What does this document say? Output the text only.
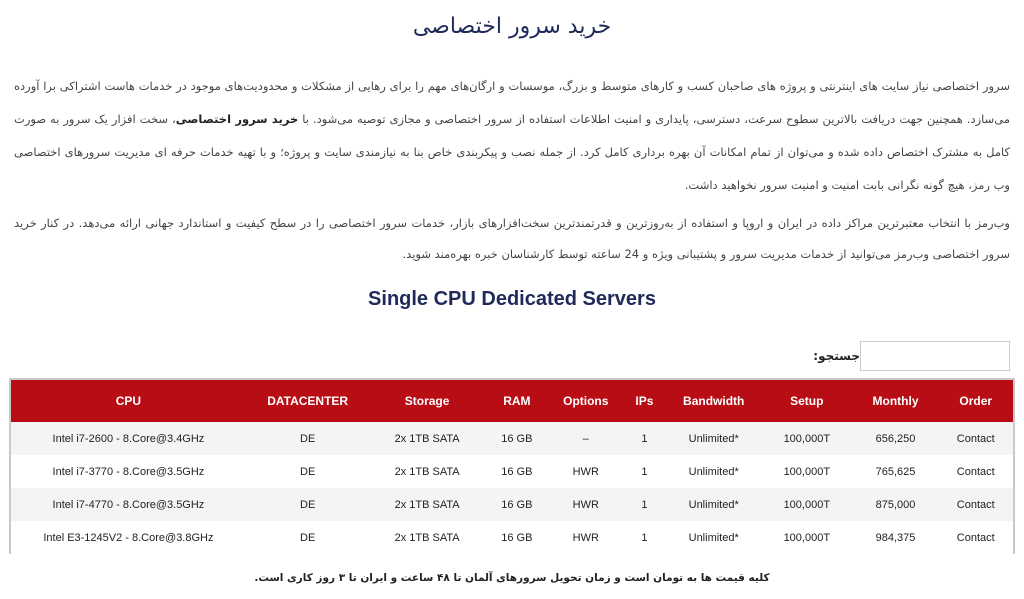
خرید سرور اختصاصی

سرور اختصاصی نیاز سایت های اینترنتی و پروژه های صاحبان کسب و کارهای متوسط و بزرگ، موسسات و ارگان‌های مهم را برای رهایی از مشکلات و محدودیت‌های موجود در خدمات هاست اشتراکی برا آورده می‌سازد. همچنین جهت دریافت بالاترین سطوح سرعت، دسترسی، پایداری و امنیت اطلاعات استفاده از سرور اختصاصی و مجازی توصیه می‌شود. با خرید سرور اختصاصی، سخت افزار یک سرور به صورت کامل به مشترک اختصاص داده شده و می‌توان از تمام امکانات آن بهره برداری کامل کرد. از جمله نصب و پیکربندی خاص بنا به نیازمندی سایت و پروژه؛ و با تهیه خدمات حرفه ای مدیریت سرورهای اختصاصی وب رمز، هیچ گونه نگرانی بابت امنیت و امنیت سرور نخواهید داشت.

وب‌رمز با انتخاب معتبرترین مراکز داده در ایران و اروپا و استفاده از به‌روزترین و قدرتمندترین سخت‌افزارهای بازار، خدمات سرور اختصاصی را در سطح کیفیت و استاندارد جهانی ارائه می‌دهد. در کنار خرید سرور اختصاصی وب‌رمز می‌توانید از خدمات مدیریت سرور و پشتیبانی ویژه و 24 ساعته توسط کارشناسان خبره بهره‌مند شوید.

Single CPU Dedicated Servers
جستجو:
CPU	DATACENTER	Storage	RAM	Options	IPs	Bandwidth	Setup	Monthly	Order
Intel i7-2600 - 8.Core@3.4GHz	DE	2x 1TB SATA	16 GB	–	1	Unlimited*	100,000T	656,250	Contact
Intel i7-3770 - 8.Core@3.5GHz	DE	2x 1TB SATA	16 GB	HWR	1	Unlimited*	100,000T	765,625	Contact
Intel i7-4770 - 8.Core@3.5GHz	DE	2x 1TB SATA	16 GB	HWR	1	Unlimited*	100,000T	875,000	Contact
Intel E3-1245V2 - 8.Core@3.8GHz	DE	2x 1TB SATA	16 GB	HWR	1	Unlimited*	100,000T	984,375	Contact

کلیه قیمت ها به تومان است و زمان تحویل سرورهای آلمان تا ۴۸ ساعت و ایران تا ۳ روز کاری است.
